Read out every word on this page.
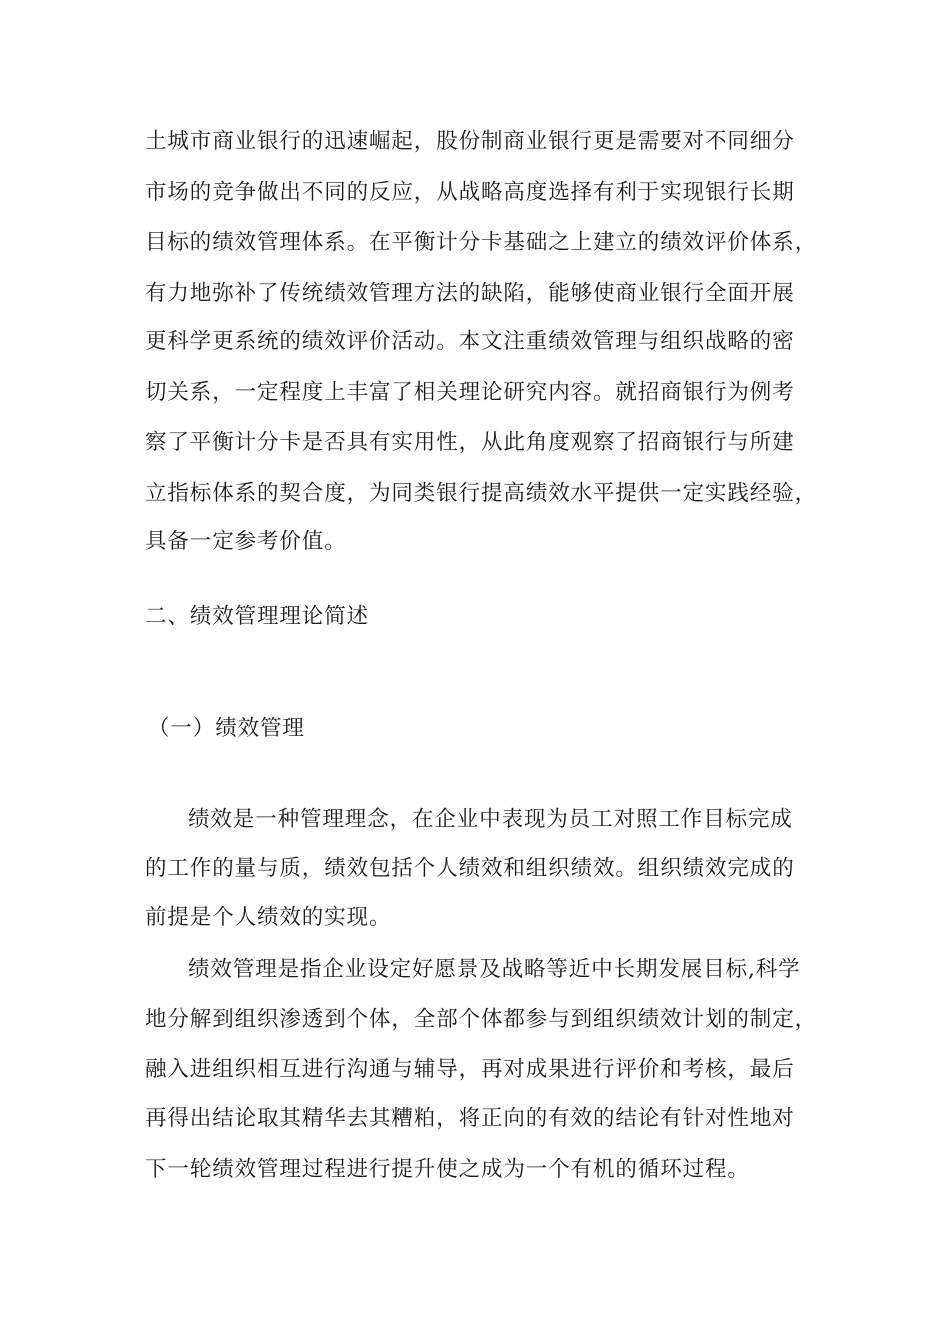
土城市商业银行的迅速崛起，股份制商业银行更是需要对不同细分
市场的竞争做出不同的反应，从战略高度选择有利于实现银行长期
目标的绩效管理体系。在平衡计分卡基础之上建立的绩效评价体系，
有力地弥补了传统绩效管理方法的缺陷，能够使商业银行全面开展
更科学更系统的绩效评价活动。本文注重绩效管理与组织战略的密
切关系，一定程度上丰富了相关理论研究内容。就招商银行为例考
察了平衡计分卡是否具有实用性，从此角度观察了招商银行与所建
立指标体系的契合度，为同类银行提高绩效水平提供一定实践经验，
具备一定参考价值。
二、绩效管理理论简述
（一）绩效管理
绩效是一种管理理念，在企业中表现为员工对照工作目标完成
的工作的量与质，绩效包括个人绩效和组织绩效。组织绩效完成的
前提是个人绩效的实现。
绩效管理是指企业设定好愿景及战略等近中长期发展目标,科学
地分解到组织渗透到个体，全部个体都参与到组织绩效计划的制定，
融入进组织相互进行沟通与辅导，再对成果进行评价和考核，最后
再得出结论取其精华去其糟粕，将正向的有效的结论有针对性地对
下一轮绩效管理过程进行提升使之成为一个有机的循环过程。
